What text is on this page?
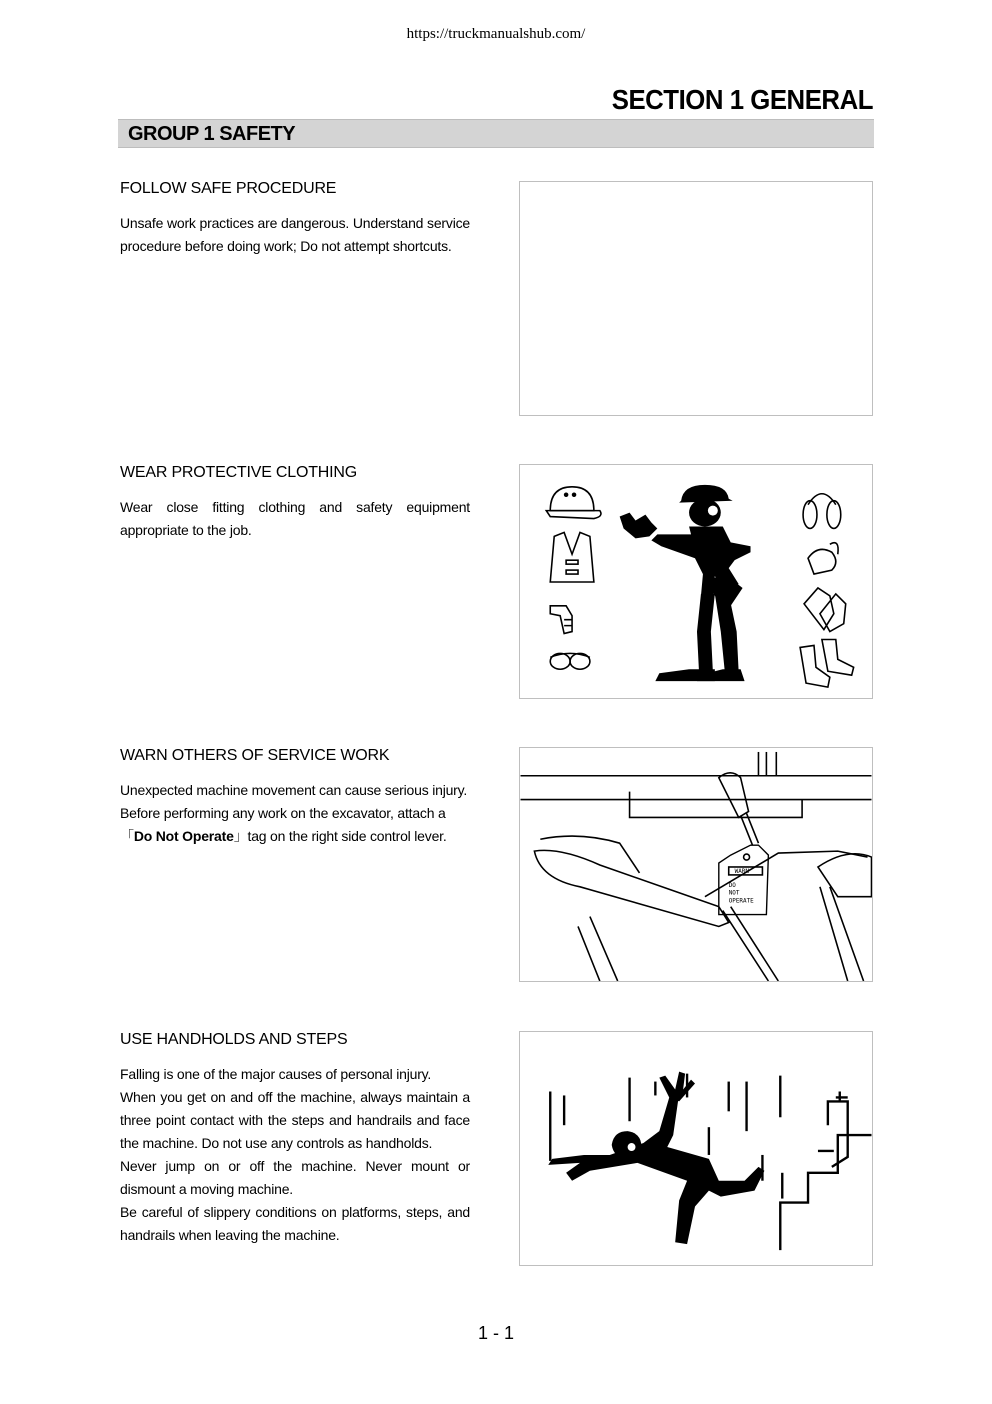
https://truckmanualshub.com/
SECTION 1 GENERAL
GROUP 1 SAFETY
FOLLOW SAFE PROCEDURE

Unsafe work practices are dangerous. Understand service procedure before doing work; Do not attempt shortcuts.

WEAR PROTECTIVE CLOTHING

Wear close fitting clothing and safety equipment appropriate to the job.

WARN OTHERS OF SERVICE WORK

Unexpected machine movement can cause serious injury.

Before performing any work on the excavator, attach a
「Do Not Operate」tag on the right side control lever.

WARN
DO
NOT
OPERATE
USE HANDHOLDS AND STEPS

Falling is one of the major causes of personal injury.

When you get on and off the machine, always maintain a three point contact with the steps and handrails and face the machine. Do not use any controls as handholds.

Never jump on or off the machine. Never mount or dismount a moving machine.

Be careful of slippery conditions on platforms, steps, and handrails when leaving the machine.

1 - 1
